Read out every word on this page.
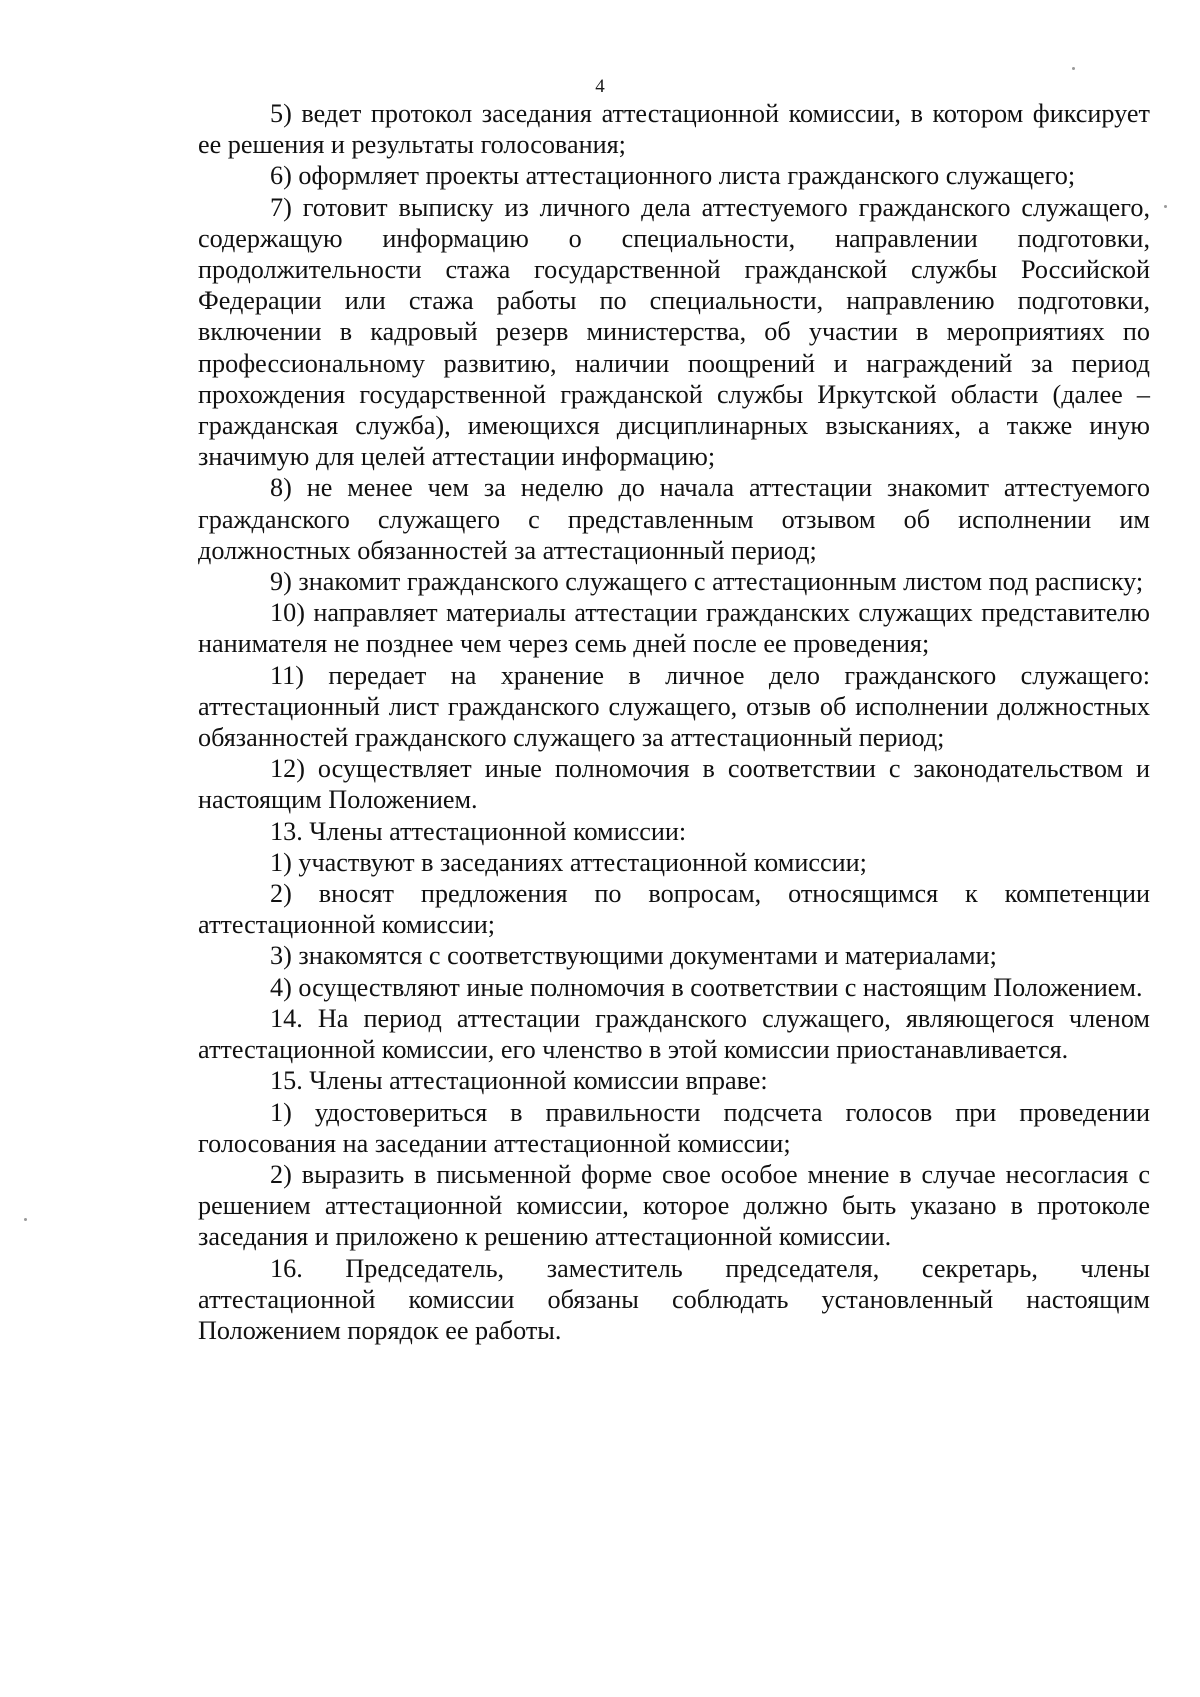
4

5) ведет протокол заседания аттестационной комиссии, в котором фиксирует ее решения и результаты голосования;

6) оформляет проекты аттестационного листа гражданского служащего;

7) готовит выписку из личного дела аттестуемого гражданского служащего, содержащую информацию о специальности, направлении подготовки, продолжительности стажа государственной гражданской службы Российской Федерации или стажа работы по специальности, направлению подготовки, включении в кадровый резерв министерства, об участии в мероприятиях по профессиональному развитию, наличии поощрений и награждений за период прохождения государственной гражданской службы Иркутской области (далее – гражданская служба), имеющихся дисциплинарных взысканиях, а также иную значимую для целей аттестации информацию;

8) не менее чем за неделю до начала аттестации знакомит аттестуемого гражданского служащего с представленным отзывом об исполнении им должностных обязанностей за аттестационный период;

9) знакомит гражданского служащего с аттестационным листом под расписку;

10) направляет материалы аттестации гражданских служащих представителю нанимателя не позднее чем через семь дней после ее проведения;

11) передает на хранение в личное дело гражданского служащего: аттестационный лист гражданского служащего, отзыв об исполнении должностных обязанностей гражданского служащего за аттестационный период;

12) осуществляет иные полномочия в соответствии с законодательством и настоящим Положением.

13. Члены аттестационной комиссии:

1) участвуют в заседаниях аттестационной комиссии;

2) вносят предложения по вопросам, относящимся к компетенции аттестационной комиссии;

3) знакомятся с соответствующими документами и материалами;

4) осуществляют иные полномочия в соответствии с настоящим Положением.

14. На период аттестации гражданского служащего, являющегося членом аттестационной комиссии, его членство в этой комиссии приостанавливается.

15. Члены аттестационной комиссии вправе:

1) удостовериться в правильности подсчета голосов при проведении голосования на заседании аттестационной комиссии;

2) выразить в письменной форме свое особое мнение в случае несогласия с решением аттестационной комиссии, которое должно быть указано в протоколе заседания и приложено к решению аттестационной комиссии.

16. Председатель, заместитель председателя, секретарь, члены аттестационной комиссии обязаны соблюдать установленный настоящим Положением порядок ее работы.
